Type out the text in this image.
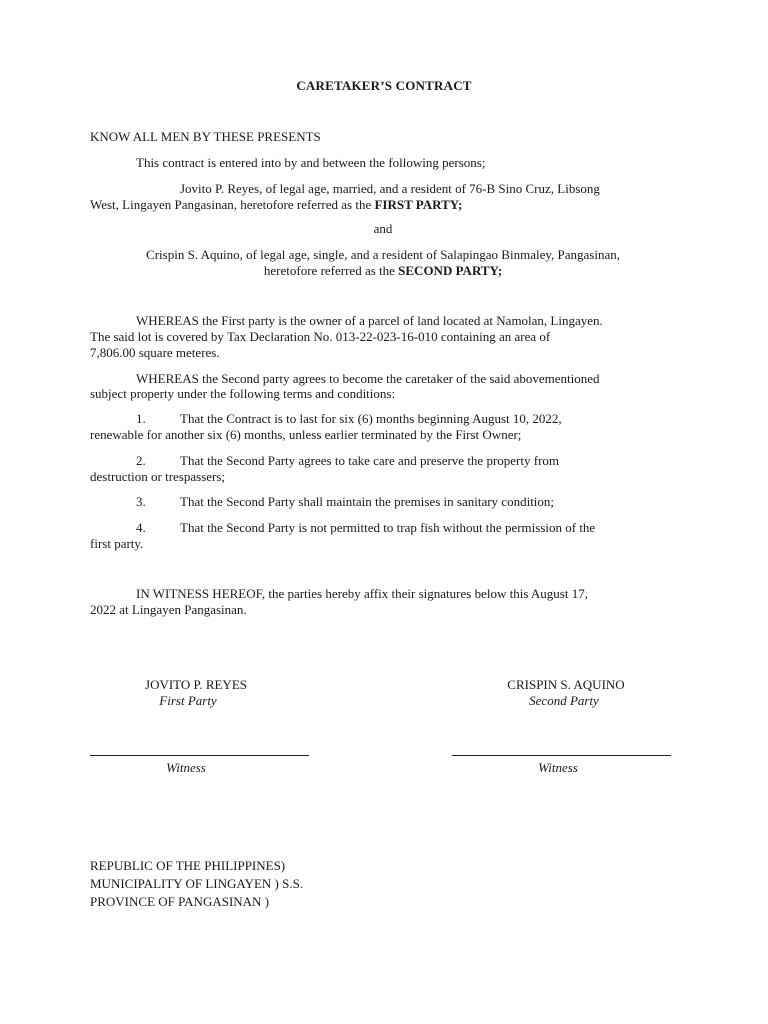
CARETAKER’S CONTRACT
KNOW ALL MEN BY THESE PRESENTS
This contract is entered into by and between the following persons;
Jovito P. Reyes, of legal age, married, and a resident of 76-B Sino Cruz, Libsong
West, Lingayen Pangasinan, heretofore referred as the FIRST PARTY;
and
Crispin S. Aquino, of legal age, single, and a resident of Salapingao Binmaley, Pangasinan,
heretofore referred as the SECOND PARTY;
WHEREAS the First party is the owner of a parcel of land located at Namolan, Lingayen.
The said lot is covered by Tax Declaration No. 013-22-023-16-010 containing an area of
7,806.00 square meteres.
WHEREAS the Second party agrees to become the caretaker of the said abovementioned
subject property under the following terms and conditions:
1.	That the Contract is to last for six (6) months beginning August 10, 2022,
renewable for another six (6) months, unless earlier terminated by the First Owner;
2.	That the Second Party agrees to take care and preserve the property from
destruction or trespassers;
3.	That the Second Party shall maintain the premises in sanitary condition;
4.	That the Second Party is not permitted to trap fish without the permission of the
first party.
IN WITNESS HEREOF, the parties hereby affix their signatures below this August 17,
2022 at Lingayen Pangasinan.
JOVITO P. REYES
First Party
CRISPIN S. AQUINO
Second Party
Witness	Witness
REPUBLIC OF THE PHILIPPINES)
MUNICIPALITY OF LINGAYEN ) S.S.
PROVINCE OF PANGASINAN )
